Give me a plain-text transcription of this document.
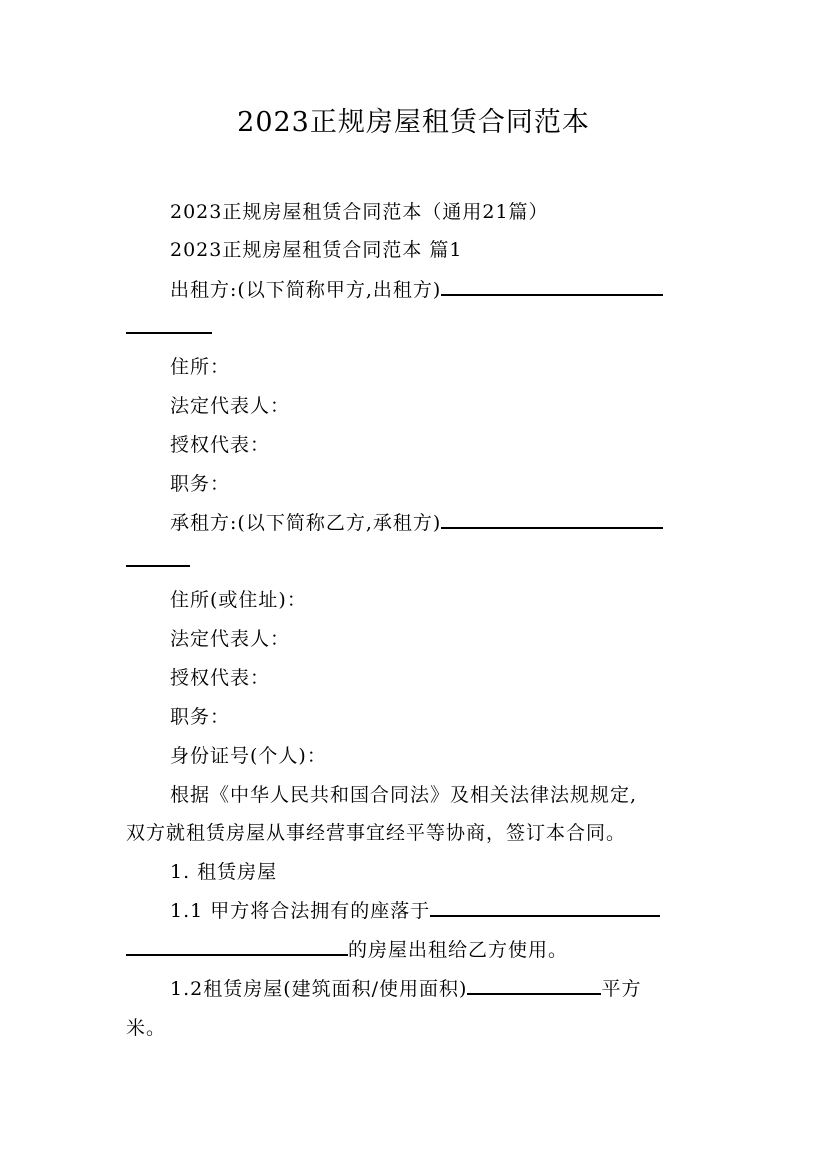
2023正规房屋租赁合同范本
2023正规房屋租赁合同范本（通用21篇）
2023正规房屋租赁合同范本 篇1
出租方:(以下简称甲方,出租方)
住所：
法定代表人：
授权代表：
职务：
承租方:(以下简称乙方,承租方)
住所(或住址)：
法定代表人：
授权代表：
职务：
身份证号(个人)：
根据《中华人民共和国合同法》及相关法律法规规定,
双方就租赁房屋从事经营事宜经平等协商，签订本合同。
1. 租赁房屋
1.1 甲方将合法拥有的座落于
的房屋出租给乙方使用。
1.2租赁房屋(建筑面积/使用面积)	平方
米。
